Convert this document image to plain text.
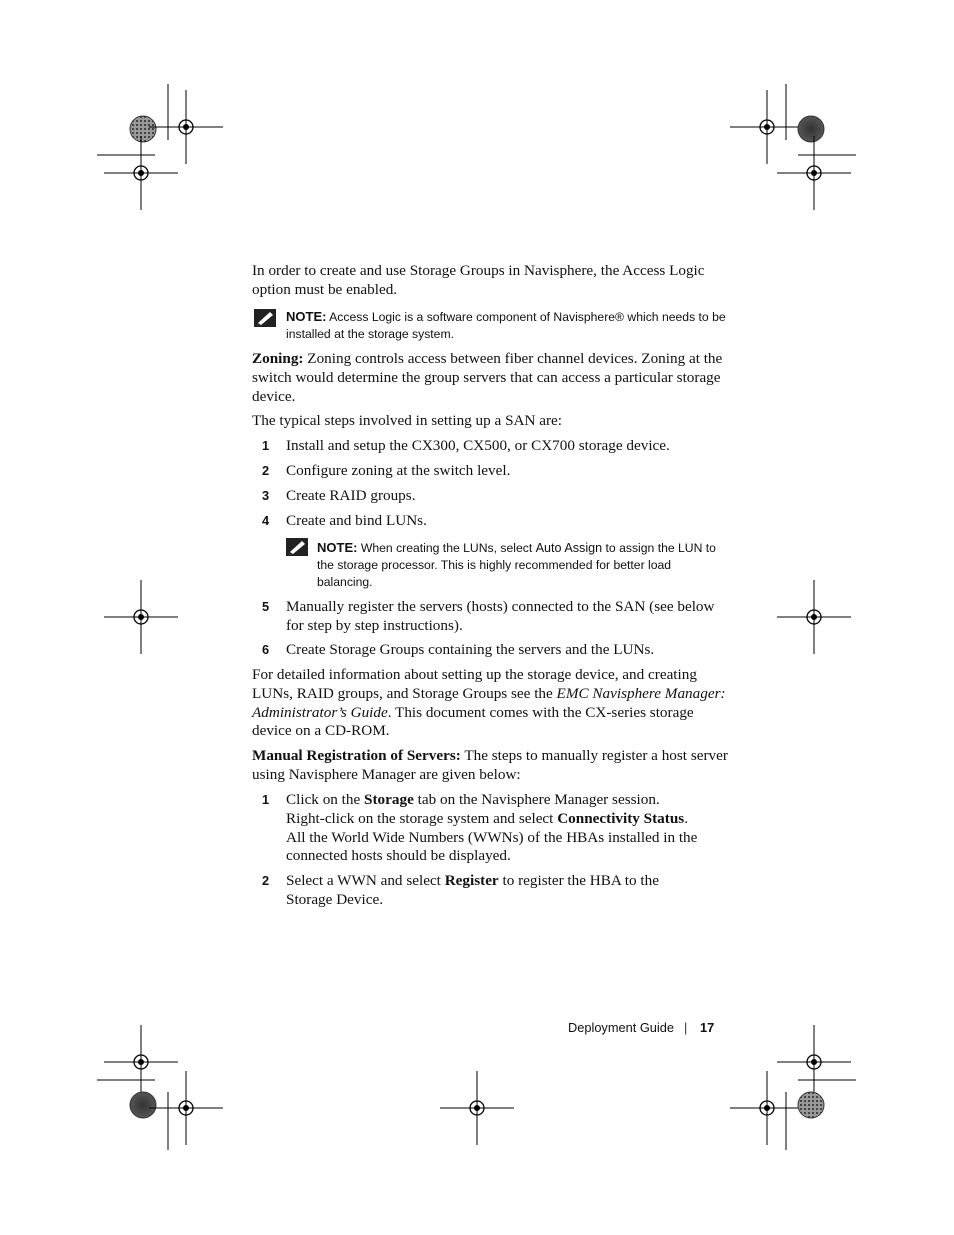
In order to create and use Storage Groups in Navisphere, the Access Logic option must be enabled.
NOTE: Access Logic is a software component of Navisphere® which needs to be installed at the storage system.
Zoning: Zoning controls access between fiber channel devices. Zoning at the switch would determine the group servers that can access a particular storage device.
The typical steps involved in setting up a SAN are:
1 Install and setup the CX300, CX500, or CX700 storage device.
2 Configure zoning at the switch level.
3 Create RAID groups.
4 Create and bind LUNs.
NOTE: When creating the LUNs, select Auto Assign to assign the LUN to the storage processor. This is highly recommended for better load balancing.
5 Manually register the servers (hosts) connected to the SAN (see below for step by step instructions).
6 Create Storage Groups containing the servers and the LUNs.
For detailed information about setting up the storage device, and creating LUNs, RAID groups, and Storage Groups see the EMC Navisphere Manager: Administrator’s Guide. This document comes with the CX-series storage device on a CD-ROM.
Manual Registration of Servers: The steps to manually register a host server using Navisphere Manager are given below:
1 Click on the Storage tab on the Navisphere Manager session.
Right-click on the storage system and select Connectivity Status.
All the World Wide Numbers (WWNs) of the HBAs installed in the connected hosts should be displayed.
2 Select a WWN and select Register to register the HBA to the Storage Device.
Deployment Guide | 17
